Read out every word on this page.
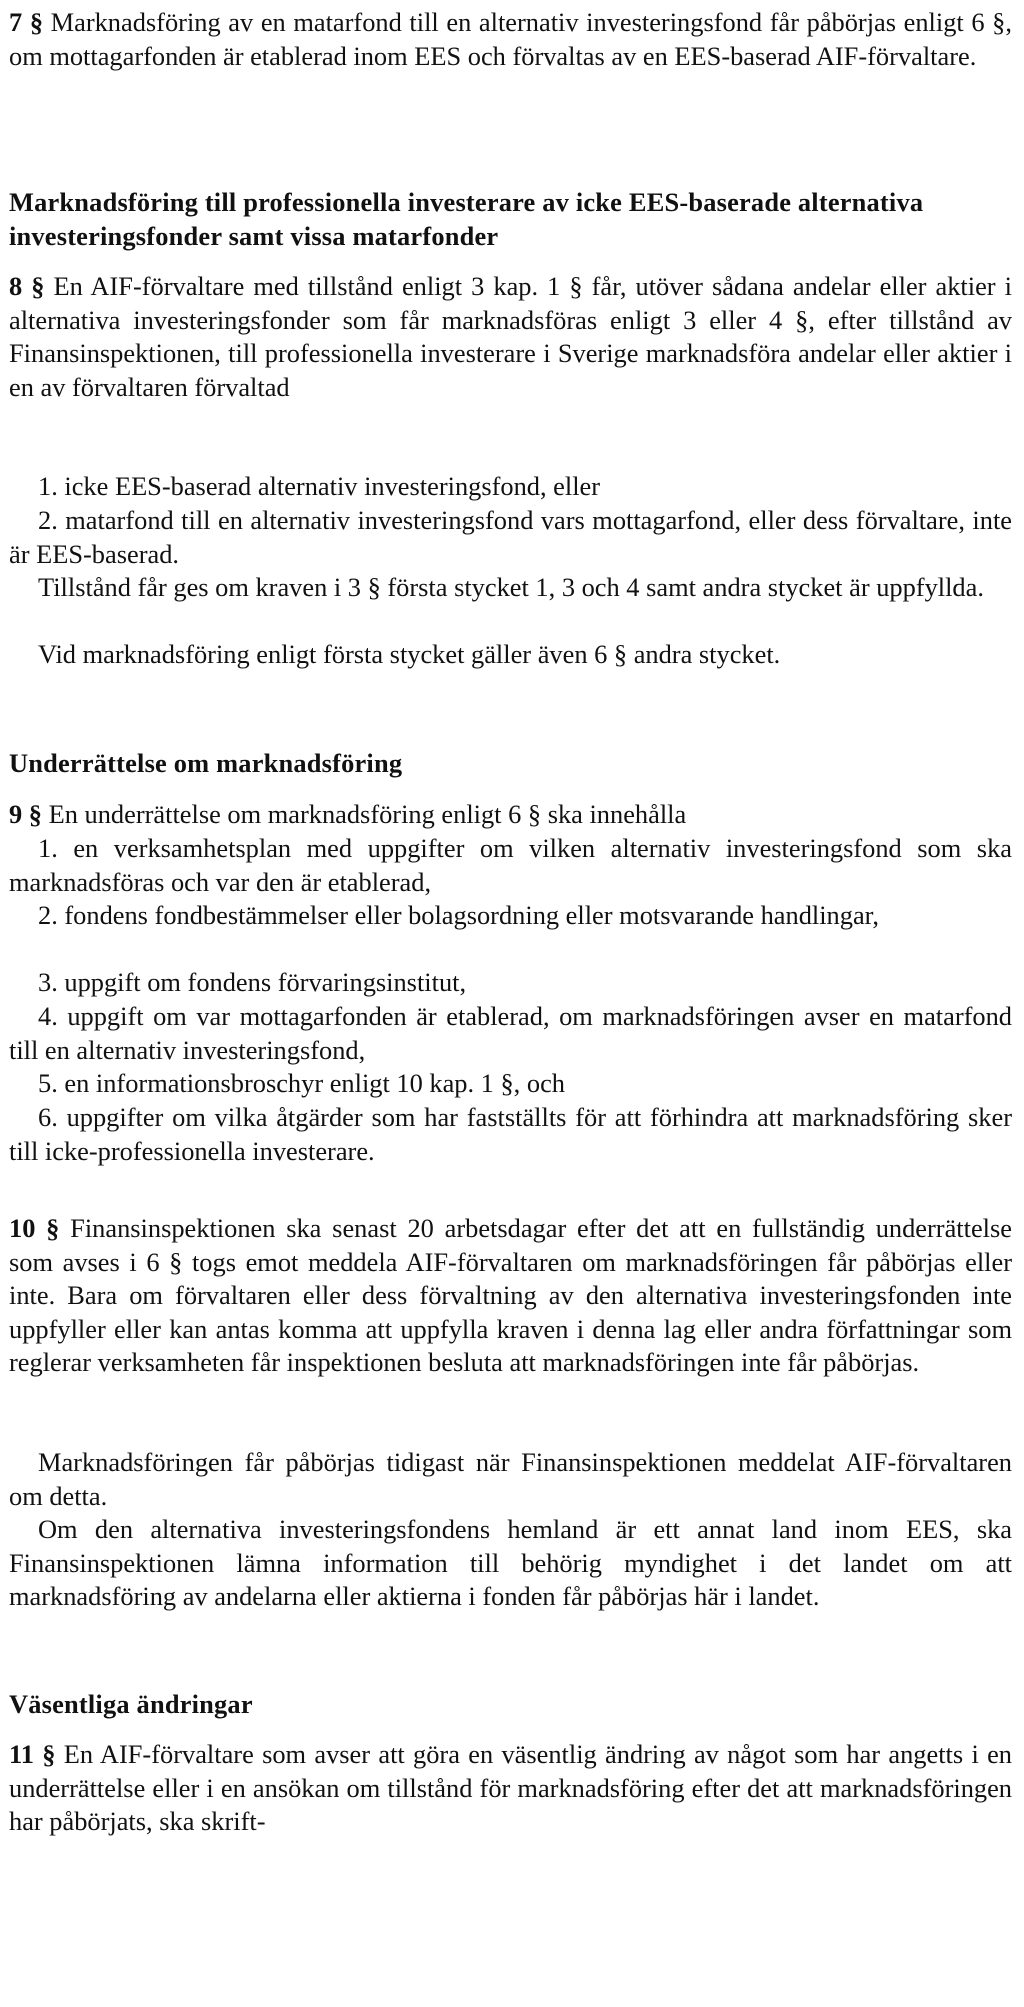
7 § Marknadsföring av en matarfond till en alternativ investeringsfond får påbörjas enligt 6 §, om mottagarfonden är etablerad inom EES och förvaltas av en EES-baserad AIF-förvaltare.

Marknadsföring till professionella investerare av icke EES-baserade alternativa investeringsfonder samt vissa matarfonder

8 § En AIF-förvaltare med tillstånd enligt 3 kap. 1 § får, utöver sådana andelar eller aktier i alternativa investeringsfonder som får marknadsföras enligt 3 eller 4 §, efter tillstånd av Finansinspektionen, till professionella investerare i Sverige marknadsföra andelar eller aktier i en av förvaltaren förvaltad

1. icke EES-baserad alternativ investeringsfond, eller

2. matarfond till en alternativ investeringsfond vars mottagarfond, eller dess förvaltare, inte är EES-baserad.

Tillstånd får ges om kraven i 3 § första stycket 1, 3 och 4 samt andra stycket är uppfyllda.

Vid marknadsföring enligt första stycket gäller även 6 § andra stycket.

Underrättelse om marknadsföring

9 § En underrättelse om marknadsföring enligt 6 § ska innehålla

1. en verksamhetsplan med uppgifter om vilken alternativ investeringsfond som ska marknadsföras och var den är etablerad,

2. fondens fondbestämmelser eller bolagsordning eller motsvarande handlingar,

3. uppgift om fondens förvaringsinstitut,

4. uppgift om var mottagarfonden är etablerad, om marknadsföringen avser en matarfond till en alternativ investeringsfond,

5. en informationsbroschyr enligt 10 kap. 1 §, och

6. uppgifter om vilka åtgärder som har fastställts för att förhindra att marknadsföring sker till icke-professionella investerare.

10 § Finansinspektionen ska senast 20 arbetsdagar efter det att en fullständig underrättelse som avses i 6 § togs emot meddela AIF-förvaltaren om marknadsföringen får påbörjas eller inte. Bara om förvaltaren eller dess förvaltning av den alternativa investeringsfonden inte uppfyller eller kan antas komma att uppfylla kraven i denna lag eller andra författningar som reglerar verksamheten får inspektionen besluta att marknadsföringen inte får påbörjas.

Marknadsföringen får påbörjas tidigast när Finansinspektionen meddelat AIF-förvaltaren om detta.

Om den alternativa investeringsfondens hemland är ett annat land inom EES, ska Finansinspektionen lämna information till behörig myndighet i det landet om att marknadsföring av andelarna eller aktierna i fonden får påbörjas här i landet.

Väsentliga ändringar

11 § En AIF-förvaltare som avser att göra en väsentlig ändring av något som har angetts i en underrättelse eller i en ansökan om tillstånd för marknadsföring efter det att marknadsföringen har påbörjats, ska skrift-
